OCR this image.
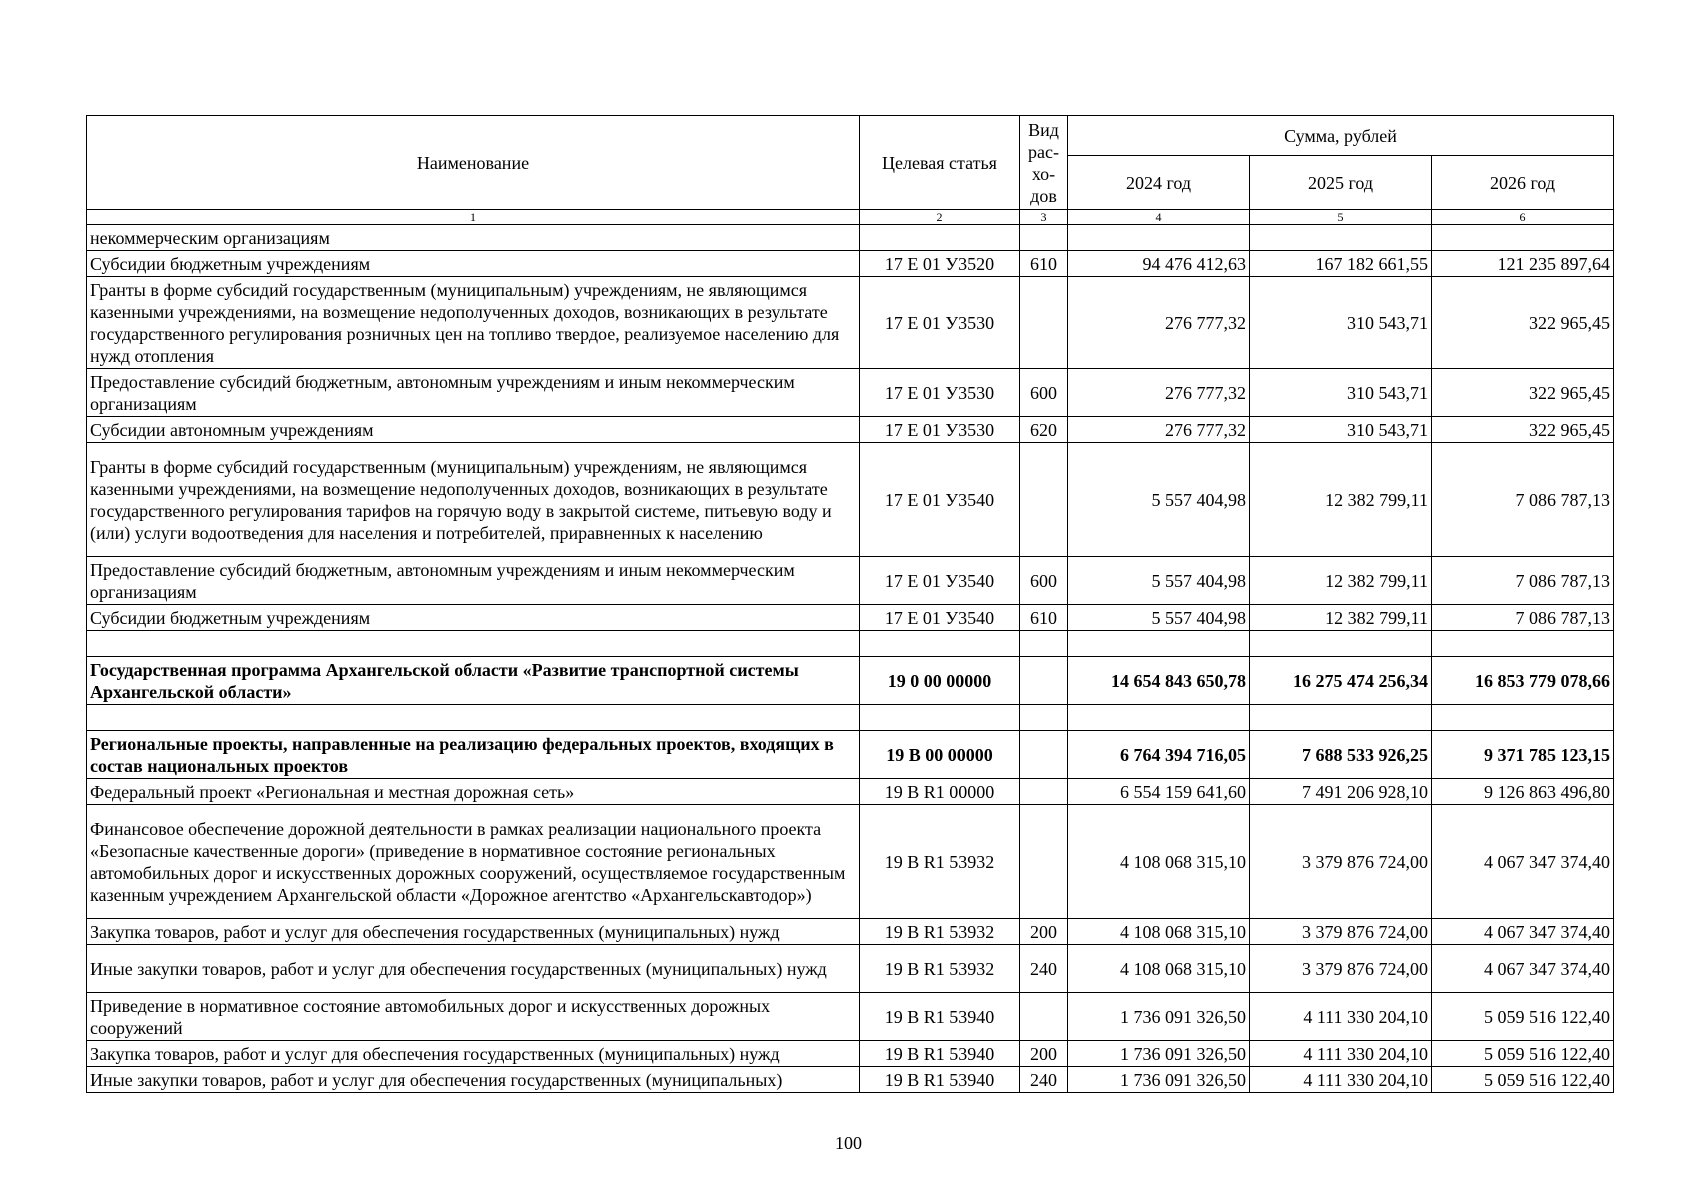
Наименование	Целевая статья	Вид рас- хо- дов	Сумма, рублей		
			2024 год	2025 год	2026 год
1	2	3	4	5	6
некоммерческим организациям					
Субсидии бюджетным учреждениям	17 Е 01 У3520	610	94 476 412,63	167 182 661,55	121 235 897,64
Гранты в форме субсидий государственным (муниципальным) учреждениям, не являющимся казенными учреждениями, на возмещение недополученных доходов, возникающих в результате государственного регулирования розничных цен на топливо твердое, реализуемое населению для нужд отопления	17 Е 01 У3530		276 777,32	310 543,71	322 965,45
Предоставление субсидий бюджетным, автономным учреждениям и иным некоммерческим организациям	17 Е 01 У3530	600	276 777,32	310 543,71	322 965,45
Субсидии автономным учреждениям	17 Е 01 У3530	620	276 777,32	310 543,71	322 965,45
Гранты в форме субсидий государственным (муниципальным) учреждениям, не являющимся казенными учреждениями, на возмещение недополученных доходов, возникающих в результате государственного регулирования тарифов на горячую воду в закрытой системе, питьевую воду и (или) услуги водоотведения для населения и потребителей, приравненных к населению	17 Е 01 У3540		5 557 404,98	12 382 799,11	7 086 787,13
Предоставление субсидий бюджетным, автономным учреждениям и иным некоммерческим организациям	17 Е 01 У3540	600	5 557 404,98	12 382 799,11	7 086 787,13
Субсидии бюджетным учреждениям	17 Е 01 У3540	610	5 557 404,98	12 382 799,11	7 086 787,13

Государственная программа Архангельской области «Развитие транспортной системы Архангельской области»	19 0 00 00000		14 654 843 650,78	16 275 474 256,34	16 853 779 078,66

Региональные проекты, направленные на реализацию федеральных проектов, входящих в состав национальных проектов	19 В 00 00000		6 764 394 716,05	7 688 533 926,25	9 371 785 123,15
Федеральный проект «Региональная и местная дорожная сеть»	19 В R1 00000		6 554 159 641,60	7 491 206 928,10	9 126 863 496,80
Финансовое обеспечение дорожной деятельности в рамках реализации национального проекта «Безопасные качественные дороги» (приведение в нормативное состояние региональных автомобильных дорог и искусственных дорожных сооружений, осуществляемое государственным казенным учреждением Архангельской области «Дорожное агентство «Архангельскавтодор»)	19 В R1 53932		4 108 068 315,10	3 379 876 724,00	4 067 347 374,40
Закупка товаров, работ и услуг для обеспечения государственных (муниципальных) нужд	19 В R1 53932	200	4 108 068 315,10	3 379 876 724,00	4 067 347 374,40
Иные закупки товаров, работ и услуг для обеспечения государственных (муниципальных) нужд	19 В R1 53932	240	4 108 068 315,10	3 379 876 724,00	4 067 347 374,40
Приведение в нормативное состояние автомобильных дорог и искусственных дорожных сооружений	19 В R1 53940		1 736 091 326,50	4 111 330 204,10	5 059 516 122,40
Закупка товаров, работ и услуг для обеспечения государственных (муниципальных) нужд	19 В R1 53940	200	1 736 091 326,50	4 111 330 204,10	5 059 516 122,40
Иные закупки товаров, работ и услуг для обеспечения государственных (муниципальных)	19 В R1 53940	240	1 736 091 326,50	4 111 330 204,10	5 059 516 122,40
100
